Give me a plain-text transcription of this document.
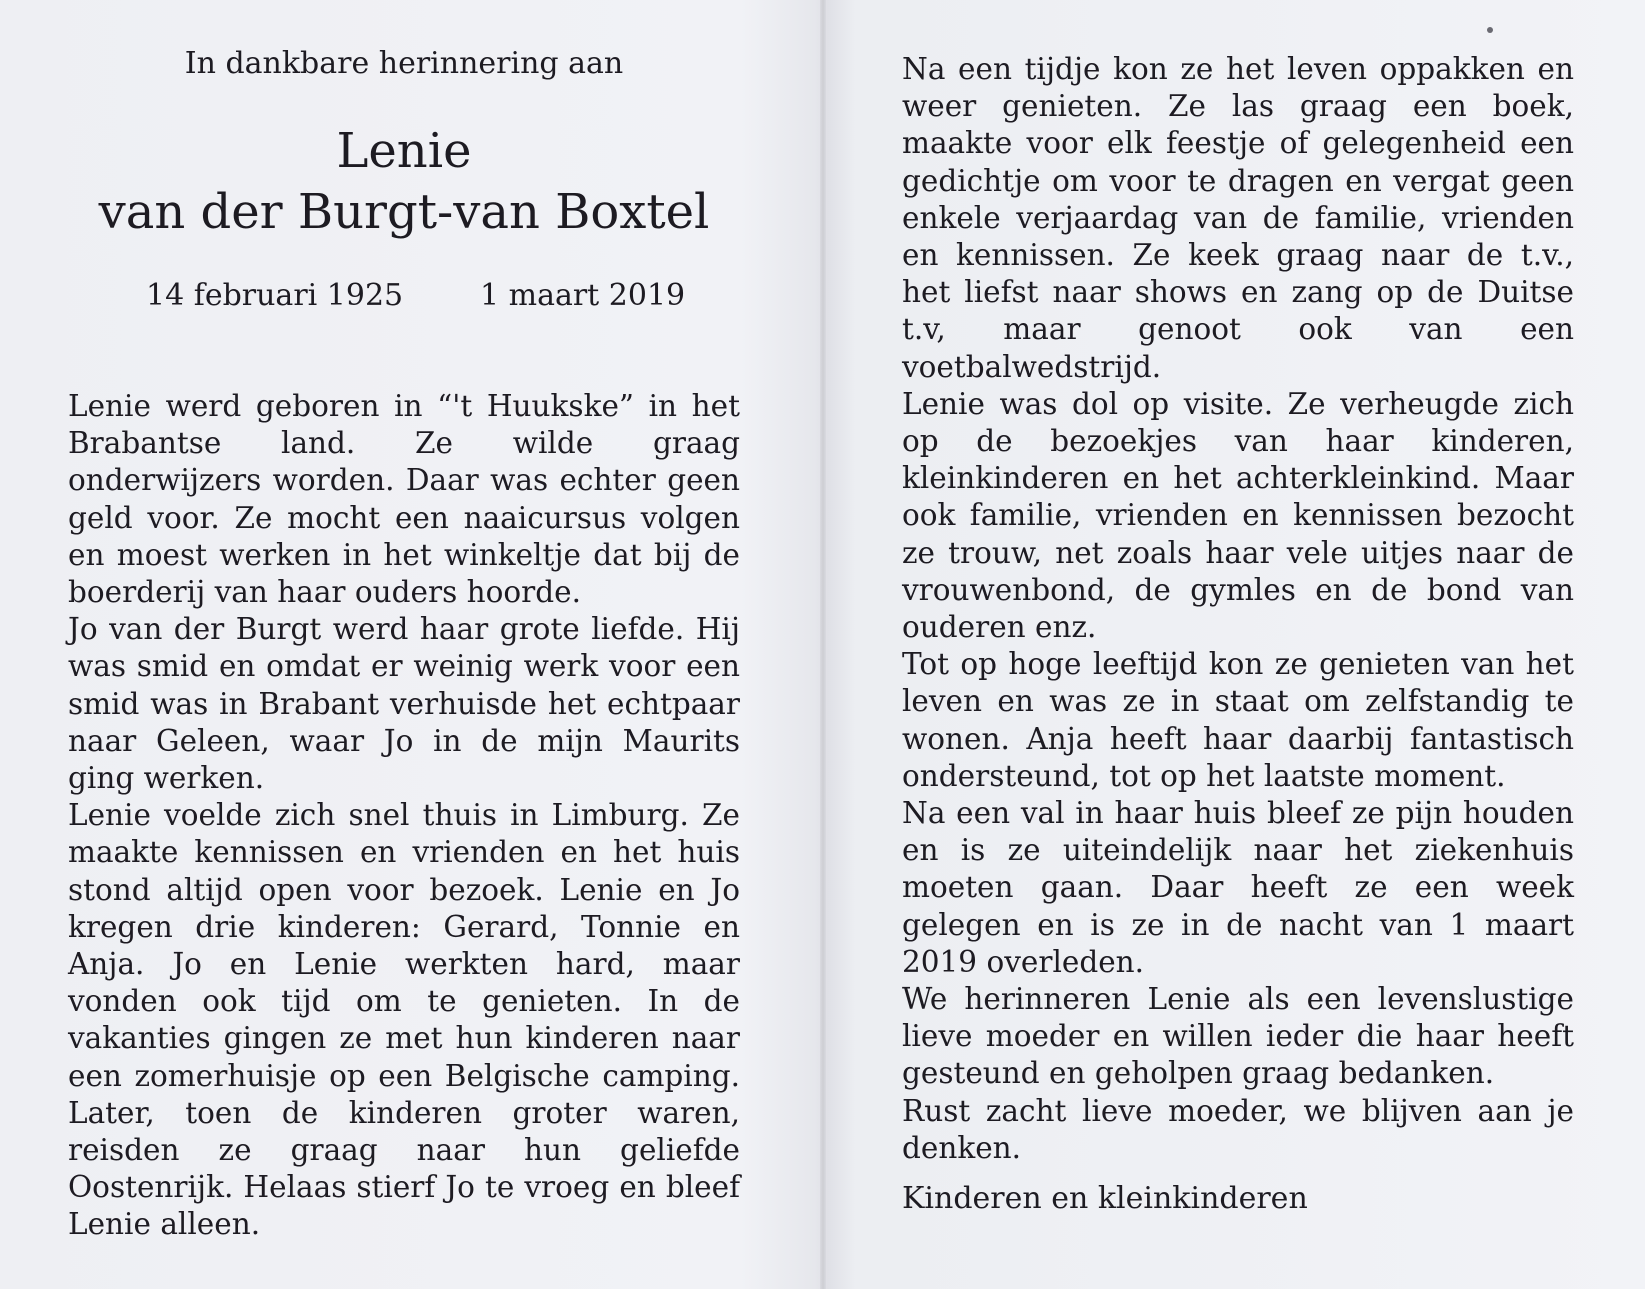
In dankbare herinnering aan
Lenie
van der Burgt-van Boxtel
14 februari 1925	1 maart 2019

Lenie werd geboren in “'t Huukske” in het Brabantse land. Ze wilde graag onderwijzers worden. Daar was echter geen geld voor. Ze mocht een naaicursus volgen en moest werken in het winkeltje dat bij de boerderij van haar ouders hoorde.

Jo van der Burgt werd haar grote liefde. Hij was smid en omdat er weinig werk voor een smid was in Brabant verhuisde het echtpaar naar Geleen, waar Jo in de mijn Maurits ging werken.

Lenie voelde zich snel thuis in Limburg. Ze maakte kennissen en vrienden en het huis stond altijd open voor bezoek. Lenie en Jo kregen drie kinderen: Gerard, Tonnie en Anja. Jo en Lenie werkten hard, maar vonden ook tijd om te genieten. In de vakanties gingen ze met hun kinderen naar een zomerhuisje op een Belgische camping. Later, toen de kinderen groter waren, reisden ze graag naar hun geliefde Oostenrijk. Helaas stierf Jo te vroeg en bleef Lenie alleen.

Na een tijdje kon ze het leven oppakken en weer genieten. Ze las graag een boek, maakte voor elk feestje of gelegenheid een gedichtje om voor te dragen en vergat geen enkele verjaardag van de familie, vrienden en kennissen. Ze keek graag naar de t.v., het liefst naar shows en zang op de Duitse t.v, maar genoot ook van een voetbalwedstrijd.

Lenie was dol op visite. Ze verheugde zich op de bezoekjes van haar kinderen, kleinkinderen en het achterkleinkind. Maar ook familie, vrienden en kennissen bezocht ze trouw, net zoals haar vele uitjes naar de vrouwenbond, de gymles en de bond van ouderen enz.

Tot op hoge leeftijd kon ze genieten van het leven en was ze in staat om zelfstandig te wonen. Anja heeft haar daarbij fantastisch ondersteund, tot op het laatste moment.

Na een val in haar huis bleef ze pijn houden en is ze uiteindelijk naar het ziekenhuis moeten gaan. Daar heeft ze een week gelegen en is ze in de nacht van 1 maart 2019 overleden.

We herinneren Lenie als een levenslustige lieve moeder en willen ieder die haar heeft gesteund en geholpen graag bedanken.

Rust zacht lieve moeder, we blijven aan je denken.

Kinderen en kleinkinderen
